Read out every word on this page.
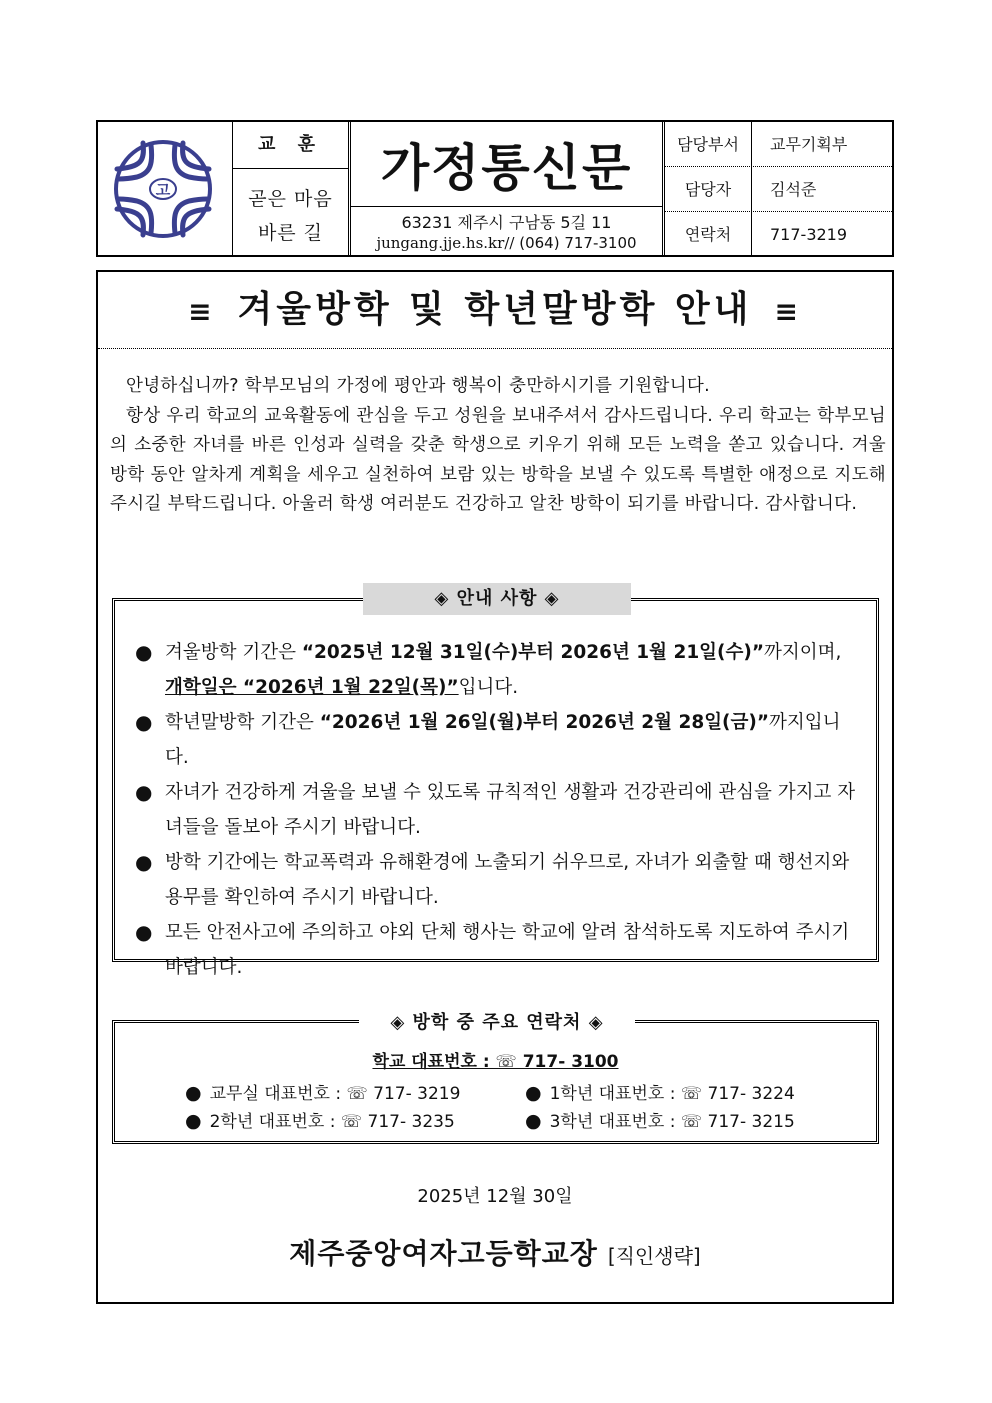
고
교 훈
곧은 마음
바른 길
가정통신문
63231 제주시 구남동 5길 11
jungang.jje.hs.kr// (064) 717-3100
담당부서	교무기획부
담당자	김석준
연락처	717-3219
≡ 겨울방학 및 학년말방학 안내 ≡

안녕하십니까? 학부모님의 가정에 평안과 행복이 충만하시기를 기원합니다.

항상 우리 학교의 교육활동에 관심을 두고 성원을 보내주셔서 감사드립니다. 우리 학교는 학부모님의 소중한 자녀를 바른 인성과 실력을 갖춘 학생으로 키우기 위해 모든 노력을 쏟고 있습니다. 겨울방학 동안 알차게 계획을 세우고 실천하여 보람 있는 방학을 보낼 수 있도록 특별한 애정으로 지도해 주시길 부탁드립니다. 아울러 학생 여러분도 건강하고 알찬 방학이 되기를 바랍니다. 감사합니다.

◈ 안내 사항 ◈
● 겨울방학 기간은 “2025년 12월 31일(수)부터 2026년 1월 21일(수)”까지이며,
개학일은 “2026년 1월 22일(목)”입니다.
● 학년말방학 기간은 “2026년 1월 26일(월)부터 2026년 2월 28일(금)”까지입니다.
● 자녀가 건강하게 겨울을 보낼 수 있도록 규칙적인 생활과 건강관리에 관심을 가지고 자녀들을 돌보아 주시기 바랍니다.
● 방학 기간에는 학교폭력과 유해환경에 노출되기 쉬우므로, 자녀가 외출할 때 행선지와 용무를 확인하여 주시기 바랍니다.
● 모든 안전사고에 주의하고 야외 단체 행사는 학교에 알려 참석하도록 지도하여 주시기 바랍니다.
◈ 방학 중 주요 연락처 ◈
학교 대표번호 : ☏ 717- 3100
● 교무실 대표번호 : ☏ 717- 3219	● 1학년 대표번호 : ☏ 717- 3224
● 2학년 대표번호 : ☏ 717- 3235	● 3학년 대표번호 : ☏ 717- 3215
2025년 12월 30일
제주중앙여자고등학교장 [직인생략]
